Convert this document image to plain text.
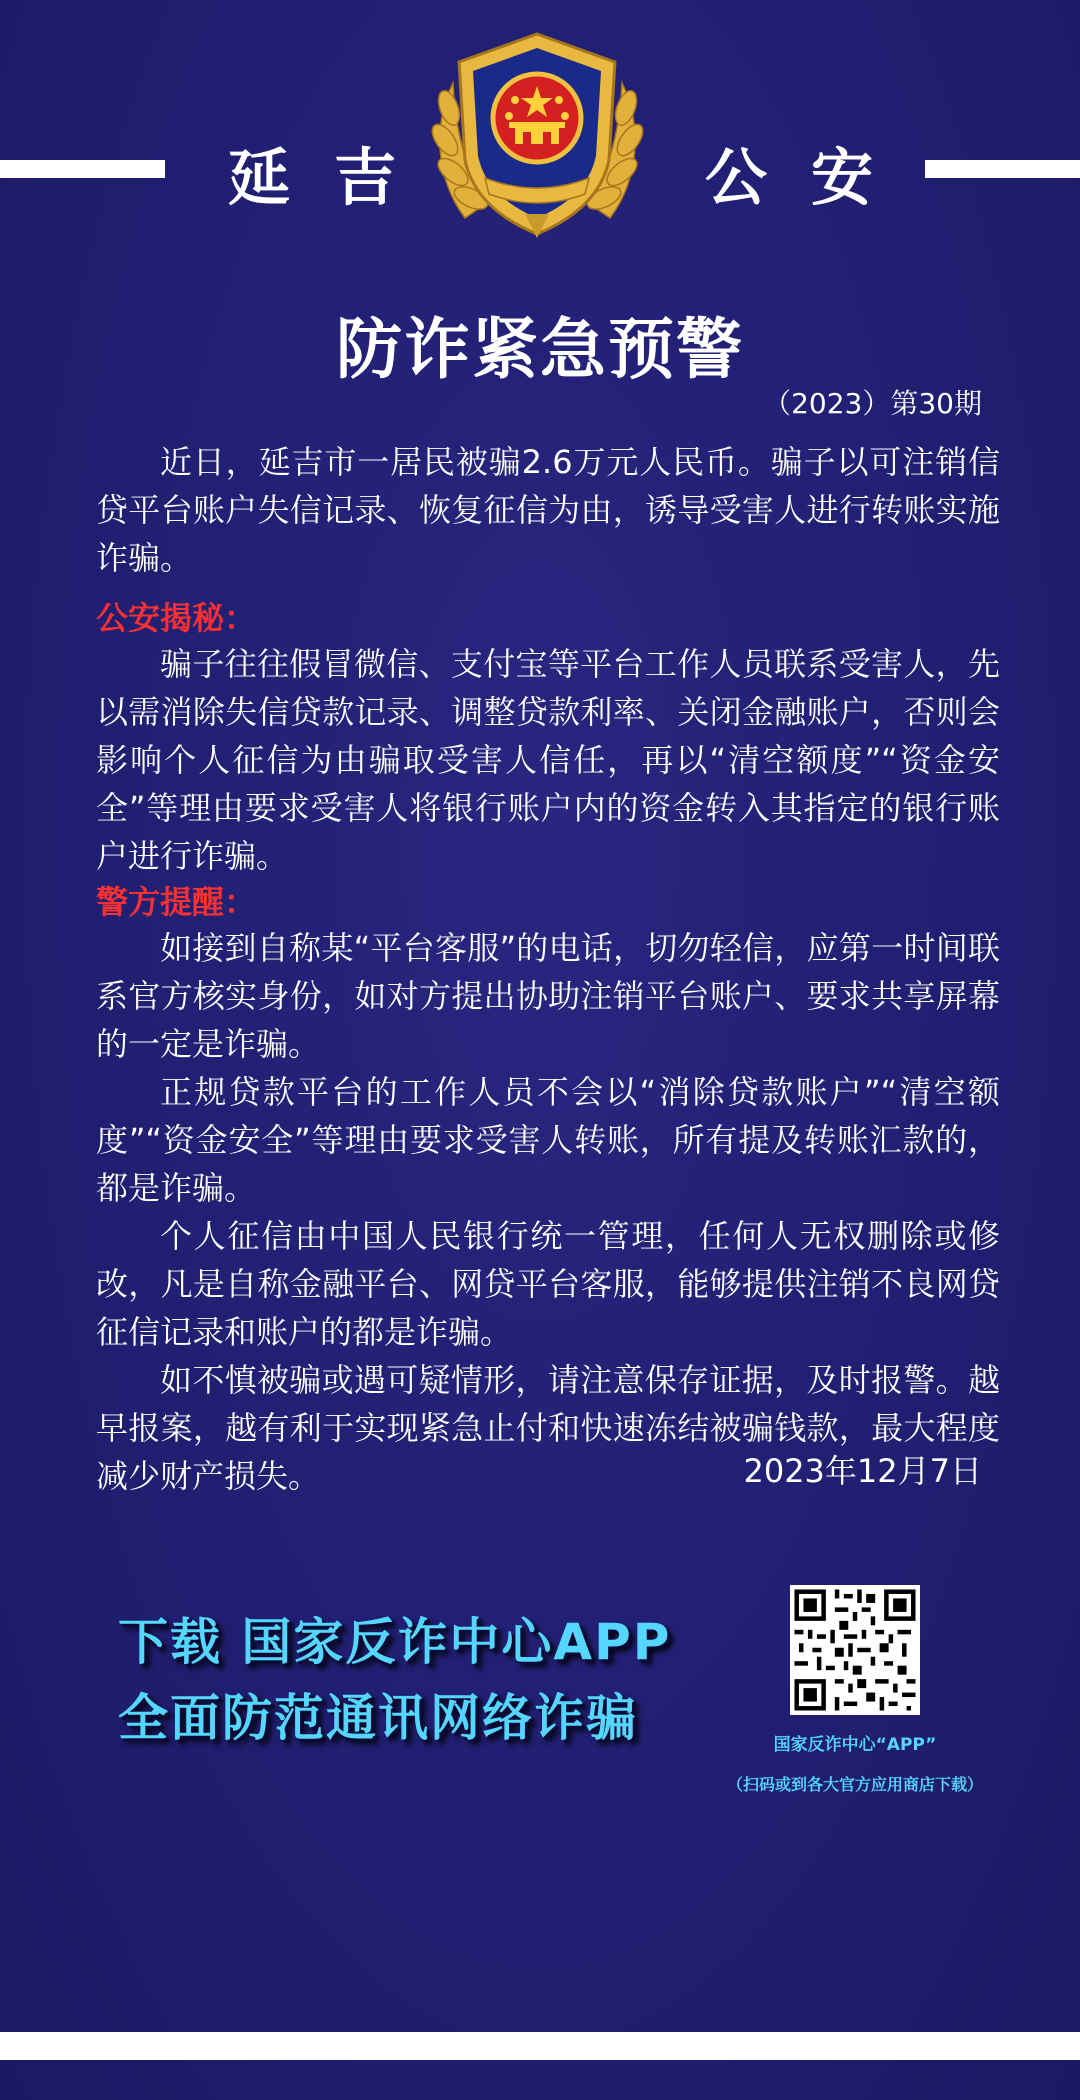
延吉	公安
防诈紧急预警
（2023）第30期

近日，延吉市一居民被骗2.6万元人民币。骗子以可注销信贷平台账户失信记录、恢复征信为由，诱导受害人进行转账实施诈骗。

公安揭秘：

骗子往往假冒微信、支付宝等平台工作人员联系受害人，先以需消除失信贷款记录、调整贷款利率、关闭金融账户，否则会影响个人征信为由骗取受害人信任，再以“清空额度”“资金安全”等理由要求受害人将银行账户内的资金转入其指定的银行账户进行诈骗。

警方提醒：

如接到自称某“平台客服”的电话，切勿轻信，应第一时间联系官方核实身份，如对方提出协助注销平台账户、要求共享屏幕的一定是诈骗。

正规贷款平台的工作人员不会以“消除贷款账户”“清空额度”“资金安全”等理由要求受害人转账，所有提及转账汇款的，都是诈骗。

个人征信由中国人民银行统一管理，任何人无权删除或修改，凡是自称金融平台、网贷平台客服，能够提供注销不良网贷征信记录和账户的都是诈骗。

如不慎被骗或遇可疑情形，请注意保存证据，及时报警。越早报案，越有利于实现紧急止付和快速冻结被骗钱款，最大程度减少财产损失。	2023年12月7日
下载 国家反诈中心APP
全面防范通讯网络诈骗	国家反诈中心“APP”
（扫码或到各大官方应用商店下载）
